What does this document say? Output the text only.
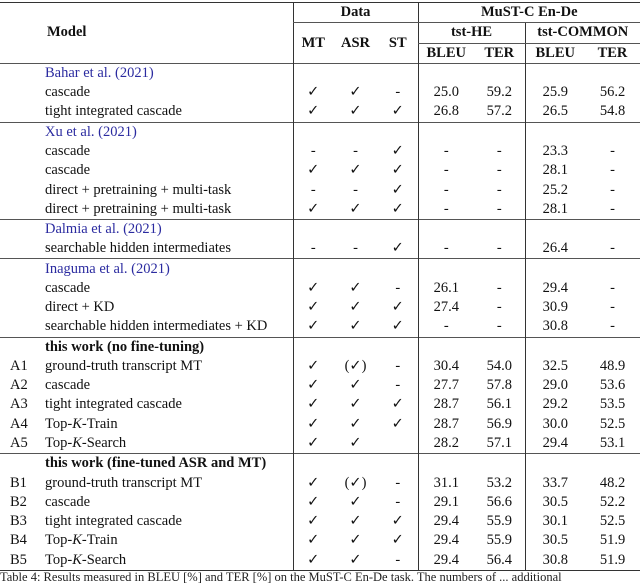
Model		Data			MuST-C En-De			
		MT	ASR	ST	tst-HE		tst-COMMON	
					BLEU	TER	BLEU	TER
	Bahar et al. (2021)							
	cascade	✓	✓	-	25.0	59.2	25.9	56.2
	tight integrated cascade	✓	✓	✓	26.8	57.2	26.5	54.8
	Xu et al. (2021)							
	cascade	-	-	✓	-	-	23.3	-
	cascade	✓	✓	✓	-	-	28.1	-
	direct + pretraining + multi-task	-	-	✓	-	-	25.2	-
	direct + pretraining + multi-task	✓	✓	✓	-	-	28.1	-
	Dalmia et al. (2021)							
	searchable hidden intermediates	-	-	✓	-	-	26.4	-
	Inaguma et al. (2021)							
	cascade	✓	✓	-	26.1	-	29.4	-
	direct + KD	✓	✓	✓	27.4	-	30.9	-
	searchable hidden intermediates + KD	✓	✓	✓	-	-	30.8	-
	this work (no fine-tuning)							
A1	ground-truth transcript MT	✓	(✓)	-	30.4	54.0	32.5	48.9
A2	cascade	✓	✓	-	27.7	57.8	29.0	53.6
A3	tight integrated cascade	✓	✓	✓	28.7	56.1	29.2	53.5
A4	Top-K-Train	✓	✓	✓	28.7	56.9	30.0	52.5
A5	Top-K-Search	✓	✓		28.2	57.1	29.4	53.1
	this work (fine-tuned ASR and MT)							
B1	ground-truth transcript MT	✓	(✓)	-	31.1	53.2	33.7	48.2
B2	cascade	✓	✓	-	29.1	56.6	30.5	52.2
B3	tight integrated cascade	✓	✓	✓	29.4	55.9	30.1	52.5
B4	Top-K-Train	✓	✓	✓	29.4	55.9	30.5	51.9
B5	Top-K-Search	✓	✓	-	29.4	56.4	30.8	51.9
Table 4: Results measured in BLEU [%] and TER [%] on the MuST-C En-De task. The numbers of ... additional
